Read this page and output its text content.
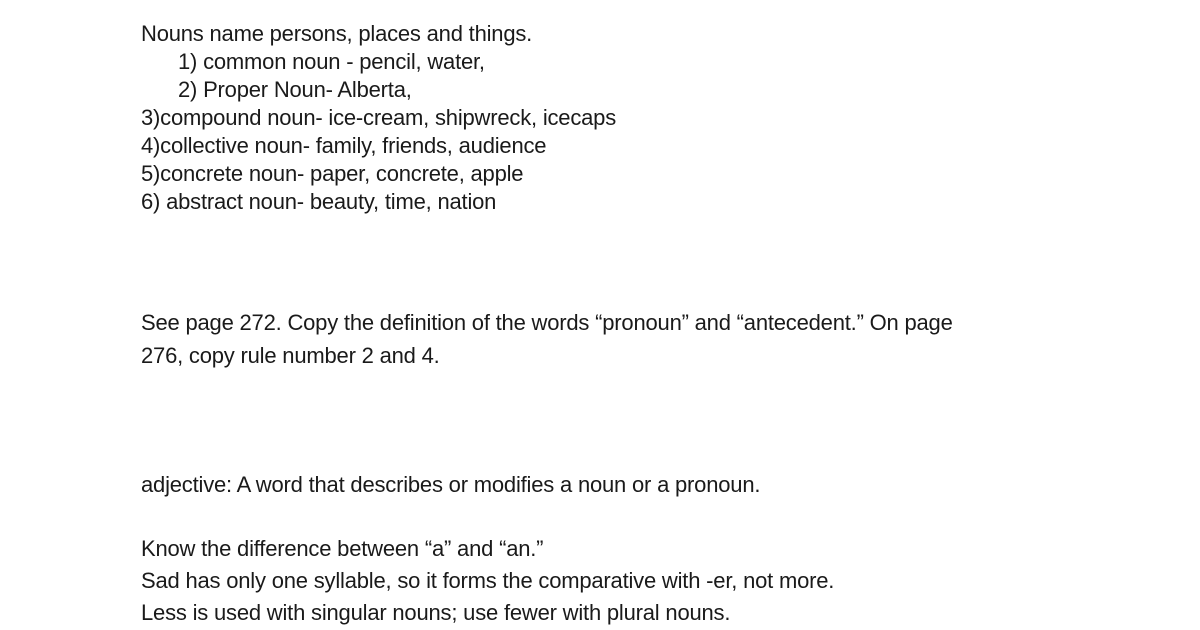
Nouns name persons, places and things.
1) common noun - pencil, water,
2) Proper Noun- Alberta,
3)compound noun- ice-cream, shipwreck, icecaps
4)collective noun- family, friends, audience
5)concrete noun- paper, concrete, apple
6) abstract noun- beauty, time, nation
See page 272. Copy the definition of the words “pronoun” and “antecedent.” On page
276, copy rule number 2 and 4.
adjective: A word that describes or modifies a noun or a pronoun.
Know the difference between “a” and “an.”
Sad has only one syllable, so it forms the comparative with -er, not more.
Less is used with singular nouns; use fewer with plural nouns.
